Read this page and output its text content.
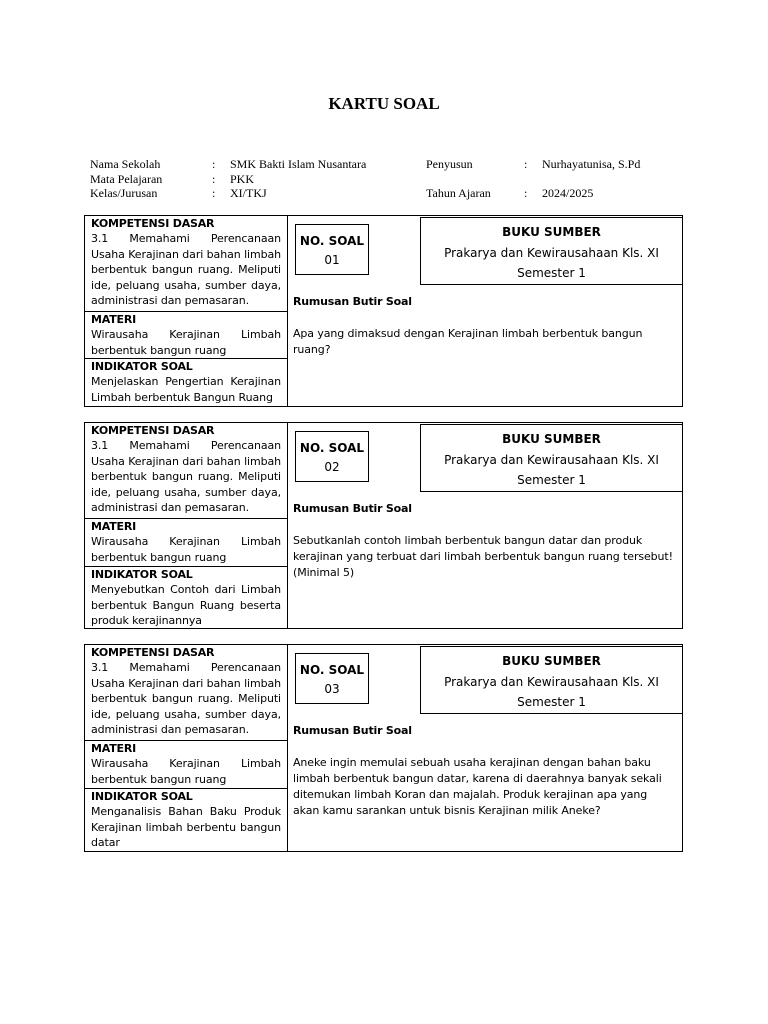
KARTU SOAL
Nama Sekolah	:	SMK Bakti Islam Nusantara
Mata Pelajaran	:	PKK
Kelas/Jurusan	:	XI/TKJ
Penyusun	:	Nurhayatunisa, S.Pd
Tahun Ajaran	:	2024/2025
KOMPETENSI DASAR
3.1 Memahami Perencanaan Usaha Kerajinan dari bahan limbah berbentuk bangun ruang. Meliputi ide, peluang usaha, sumber daya, administrasi dan pemasaran.
MATERI
Wirausaha Kerajinan Limbah berbentuk bangun ruang
INDIKATOR SOAL
Menjelaskan Pengertian Kerajinan Limbah berbentuk Bangun Ruang
NO. SOAL
01
BUKU SUMBER
Prakarya dan Kewirausahaan Kls. XI
Semester 1
Rumusan Butir Soal
Apa yang dimaksud dengan Kerajinan limbah berbentuk bangun ruang?
KOMPETENSI DASAR
3.1 Memahami Perencanaan Usaha Kerajinan dari bahan limbah berbentuk bangun ruang. Meliputi ide, peluang usaha, sumber daya, administrasi dan pemasaran.
MATERI
Wirausaha Kerajinan Limbah berbentuk bangun ruang
INDIKATOR SOAL
Menyebutkan Contoh dari Limbah berbentuk Bangun Ruang beserta produk kerajinannya
NO. SOAL
02
BUKU SUMBER
Prakarya dan Kewirausahaan Kls. XI
Semester 1
Rumusan Butir Soal
Sebutkanlah contoh limbah berbentuk bangun datar dan produk kerajinan yang terbuat dari limbah berbentuk bangun ruang tersebut! (Minimal 5)
KOMPETENSI DASAR
3.1 Memahami Perencanaan Usaha Kerajinan dari bahan limbah berbentuk bangun ruang. Meliputi ide, peluang usaha, sumber daya, administrasi dan pemasaran.
MATERI
Wirausaha Kerajinan Limbah berbentuk bangun ruang
INDIKATOR SOAL
Menganalisis Bahan Baku Produk Kerajinan limbah berbentu bangun datar
NO. SOAL
03
BUKU SUMBER
Prakarya dan Kewirausahaan Kls. XI
Semester 1
Rumusan Butir Soal
Aneke ingin memulai sebuah usaha kerajinan dengan bahan baku limbah berbentuk bangun datar, karena di daerahnya banyak sekali ditemukan limbah Koran dan majalah. Produk kerajinan apa yang akan kamu sarankan untuk bisnis Kerajinan milik Aneke?
